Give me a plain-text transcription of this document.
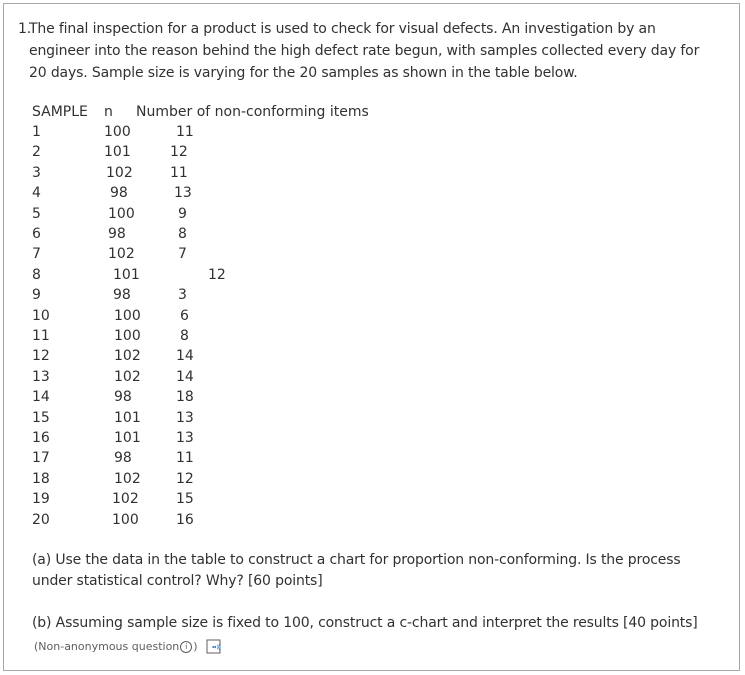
1.
The final inspection for a product is used to check for visual defects. An investigation by an engineer into the reason behind the high defect rate begun, with samples collected every day for 20 days. Sample size is varying for the 20 samples as shown in the table below.
SAMPLE n Number of non-conforming items
1	100	11
2	101	12
3	102	11
4	98	13
5	100	9
6	98	8
7	102	7
8	101	12
9	98	3
10	100	6
11	100	8
12	102	14
13	102	14
14	98	18
15	101	13
16	101	13
17	98	11
18	102	12
19	102	15
20	100	16
(a) Use the data in the table to construct a chart for proportion non-conforming. Is the process under statistical control? Why? [60 points]
(b) Assuming sample size is fixed to 100, construct a c-chart and interpret the results [40 points]
(Non-anonymous question i )
